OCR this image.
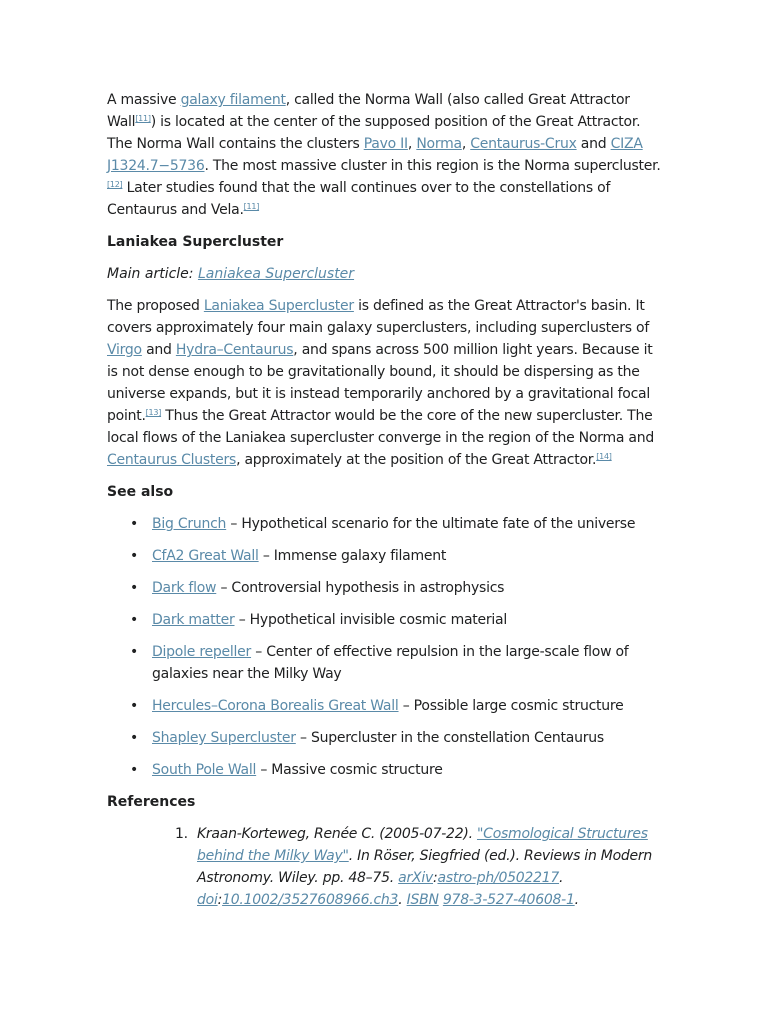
A massive galaxy filament, called the Norma Wall (also called Great Attractor Wall[11]) is located at the center of the supposed position of the Great Attractor. The Norma Wall contains the clusters Pavo II, Norma, Centaurus-Crux and CIZA J1324.7−5736. The most massive cluster in this region is the Norma supercluster.[12] Later studies found that the wall continues over to the constellations of Centaurus and Vela.[11]

Laniakea Supercluster
Main article: Laniakea Supercluster

The proposed Laniakea Supercluster is defined as the Great Attractor's basin. It covers approximately four main galaxy superclusters, including superclusters of Virgo and Hydra–Centaurus, and spans across 500 million light years. Because it is not dense enough to be gravitationally bound, it should be dispersing as the universe expands, but it is instead temporarily anchored by a gravitational focal point.[13] Thus the Great Attractor would be the core of the new supercluster. The local flows of the Laniakea supercluster converge in the region of the Norma and Centaurus Clusters, approximately at the position of the Great Attractor.[14]

See also
• Big Crunch – Hypothetical scenario for the ultimate fate of the universe
• CfA2 Great Wall – Immense galaxy filament
• Dark flow – Controversial hypothesis in astrophysics
• Dark matter – Hypothetical invisible cosmic material
• Dipole repeller – Center of effective repulsion in the large-scale flow of galaxies near the Milky Way
• Hercules–Corona Borealis Great Wall – Possible large cosmic structure
• Shapley Supercluster – Supercluster in the constellation Centaurus
• South Pole Wall – Massive cosmic structure
References
1. Kraan-Korteweg, Renée C. (2005-07-22). "Cosmological Structures behind the Milky Way". In Röser, Siegfried (ed.). Reviews in Modern Astronomy. Wiley. pp. 48–75. arXiv:astro-ph/0502217. doi:10.1002/3527608966.ch3. ISBN 978-3-527-40608-1.
